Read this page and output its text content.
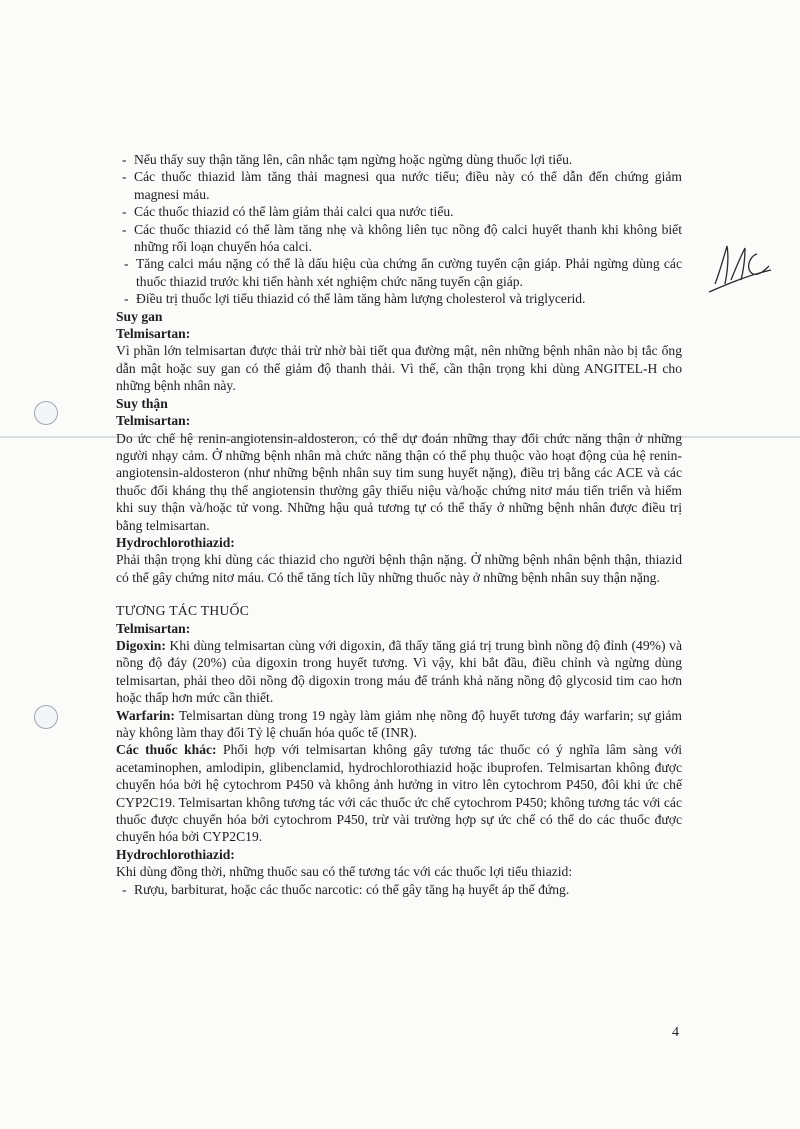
- Nếu thấy suy thận tăng lên, cân nhắc tạm ngừng hoặc ngừng dùng thuốc lợi tiểu.
- Các thuốc thiazid làm tăng thải magnesi qua nước tiểu; điều này có thể dẫn đến chứng giảm magnesi máu.
- Các thuốc thiazid có thể làm giảm thải calci qua nước tiểu.
- Các thuốc thiazid có thể làm tăng nhẹ và không liên tục nồng độ calci huyết thanh khi không biết những rối loạn chuyển hóa calci.
- Tăng calci máu nặng có thể là dấu hiệu của chứng ẩn cường tuyến cận giáp. Phải ngừng dùng các thuốc thiazid trước khi tiến hành xét nghiệm chức năng tuyến cận giáp.
- Điều trị thuốc lợi tiểu thiazid có thể làm tăng hàm lượng cholesterol và triglycerid.

Suy gan

Telmisartan:

Vì phần lớn telmisartan được thải trừ nhờ bài tiết qua đường mật, nên những bệnh nhân nào bị tắc ống dẫn mật hoặc suy gan có thể giảm độ thanh thải. Vì thế, cần thận trọng khi dùng ANGITEL-H cho những bệnh nhân này.

Suy thận

Telmisartan:

Do ức chế hệ renin-angiotensin-aldosteron, có thể dự đoán những thay đổi chức năng thận ở những người nhạy cảm. Ở những bệnh nhân mà chức năng thận có thể phụ thuộc vào hoạt động của hệ renin-angiotensin-aldosteron (như những bệnh nhân suy tim sung huyết nặng), điều trị bằng các ACE và các thuốc đối kháng thụ thể angiotensin thường gây thiểu niệu và/hoặc chứng nitơ máu tiến triển và hiếm khi suy thận và/hoặc tử vong. Những hậu quả tương tự có thể thấy ở những bệnh nhân được điều trị bằng telmisartan.

Hydrochlorothiazid:

Phải thận trọng khi dùng các thiazid cho người bệnh thận nặng. Ở những bệnh nhân bệnh thận, thiazid có thể gây chứng nitơ máu. Có thể tăng tích lũy những thuốc này ở những bệnh nhân suy thận nặng.

TƯƠNG TÁC THUỐC

Telmisartan:

Digoxin: Khi dùng telmisartan cùng với digoxin, đã thấy tăng giá trị trung bình nồng độ đỉnh (49%) và nồng độ đáy (20%) của digoxin trong huyết tương. Vì vậy, khi bắt đầu, điều chỉnh và ngừng dùng telmisartan, phải theo dõi nồng độ digoxin trong máu để tránh khả năng nồng độ glycosid tim cao hơn hoặc thấp hơn mức cần thiết.

Warfarin: Telmisartan dùng trong 19 ngày làm giảm nhẹ nồng độ huyết tương đáy warfarin; sự giảm này không làm thay đổi Tỷ lệ chuẩn hóa quốc tế (INR).

Các thuốc khác: Phối hợp với telmisartan không gây tương tác thuốc có ý nghĩa lâm sàng với acetaminophen, amlodipin, glibenclamid, hydrochlorothiazid hoặc ibuprofen. Telmisartan không được chuyển hóa bởi hệ cytochrom P450 và không ảnh hưởng in vitro lên cytochrom P450, đôi khi ức chế CYP2C19. Telmisartan không tương tác với các thuốc ức chế cytochrom P450; không tương tác với các thuốc được chuyển hóa bởi cytochrom P450, trừ vài trường hợp sự ức chế có thể do các thuốc được chuyển hóa bởi CYP2C19.

Hydrochlorothiazid:

Khi dùng đồng thời, những thuốc sau có thể tương tác với các thuốc lợi tiểu thiazid:

- Rượu, barbiturat, hoặc các thuốc narcotic: có thể gây tăng hạ huyết áp thế đứng.
4
